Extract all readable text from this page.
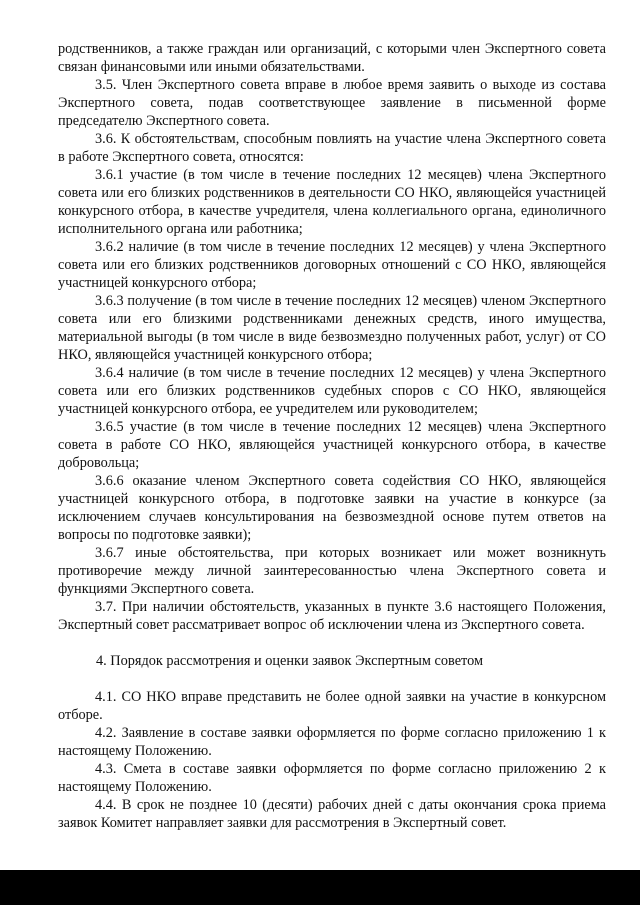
родственников, а также граждан или организаций, с которыми член Экспертного совета связан финансовыми или иными обязательствами.

3.5. Член Экспертного совета вправе в любое время заявить о выходе из состава Экспертного совета, подав соответствующее заявление в письменной форме председателю Экспертного совета.

3.6. К обстоятельствам, способным повлиять на участие члена Экспертного совета в работе Экспертного совета, относятся:

3.6.1 участие (в том числе в течение последних 12 месяцев) члена Экспертного совета или его близких родственников в деятельности СО НКО, являющейся участницей конкурсного отбора, в качестве учредителя, члена коллегиального органа, единоличного исполнительного органа или работника;

3.6.2 наличие (в том числе в течение последних 12 месяцев) у члена Экспертного совета или его близких родственников договорных отношений с СО НКО, являющейся участницей конкурсного отбора;

3.6.3 получение (в том числе в течение последних 12 месяцев) членом Экспертного совета или его близкими родственниками денежных средств, иного имущества, материальной выгоды (в том числе в виде безвозмездно полученных работ, услуг) от СО НКО, являющейся участницей конкурсного отбора;

3.6.4 наличие (в том числе в течение последних 12 месяцев) у члена Экспертного совета или его близких родственников судебных споров с СО НКО, являющейся участницей конкурсного отбора, ее учредителем или руководителем;

3.6.5 участие (в том числе в течение последних 12 месяцев) члена Экспертного совета в работе СО НКО, являющейся участницей конкурсного отбора, в качестве добровольца;

3.6.6 оказание членом Экспертного совета содействия СО НКО, являющейся участницей конкурсного отбора, в подготовке заявки на участие в конкурсе (за исключением случаев консультирования на безвозмездной основе путем ответов на вопросы по подготовке заявки);

3.6.7 иные обстоятельства, при которых возникает или может возникнуть противоречие между личной заинтересованностью члена Экспертного совета и функциями Экспертного совета.

3.7. При наличии обстоятельств, указанных в пункте 3.6 настоящего Положения, Экспертный совет рассматривает вопрос об исключении члена из Экспертного совета.

4. Порядок рассмотрения и оценки заявок Экспертным советом

4.1. СО НКО вправе представить не более одной заявки на участие в конкурсном отборе.

4.2. Заявление в составе заявки оформляется по форме согласно приложению 1 к настоящему Положению.

4.3. Смета в составе заявки оформляется по форме согласно приложению 2 к настоящему Положению.

4.4. В срок не позднее 10 (десяти) рабочих дней с даты окончания срока приема заявок Комитет направляет заявки для рассмотрения в Экспертный совет.
